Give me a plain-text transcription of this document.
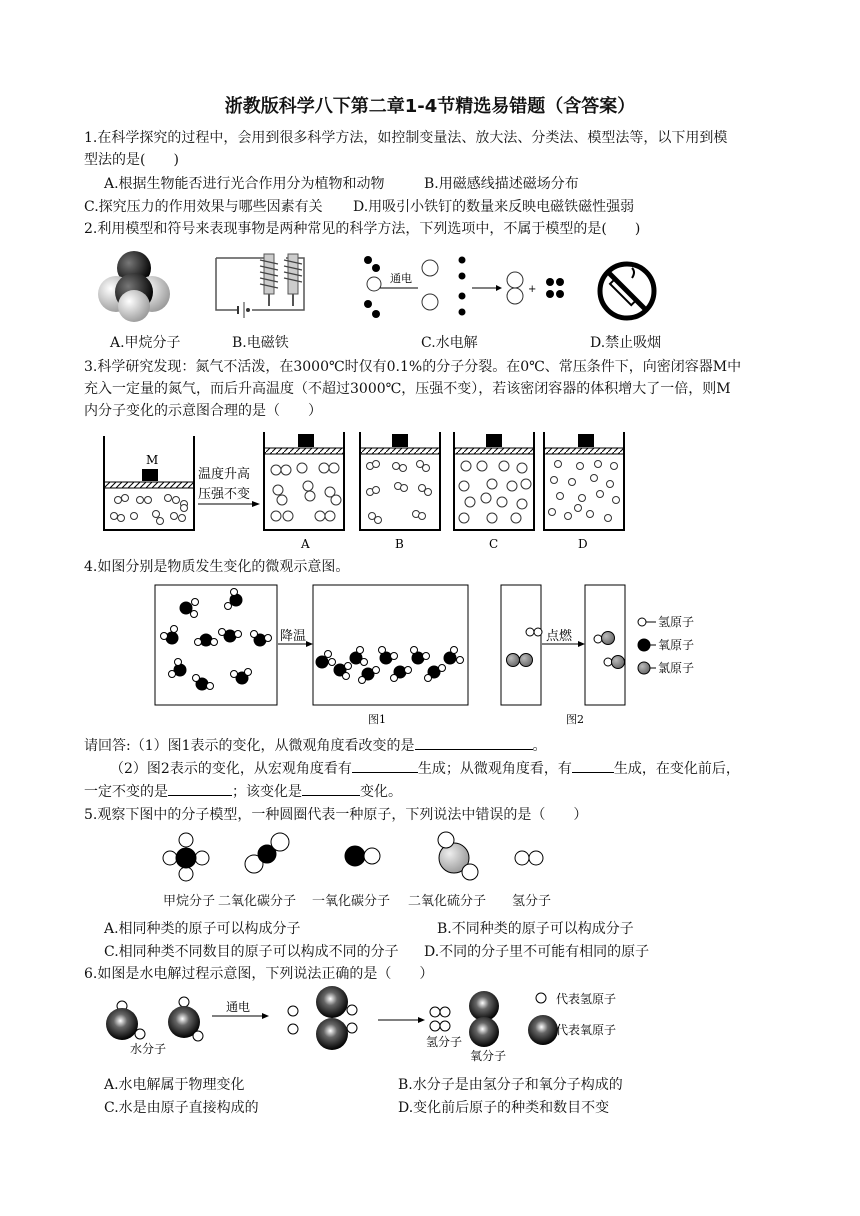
浙教版科学八下第二章1-4节精选易错题（含答案）
1.在科学探究的过程中，会用到很多科学方法，如控制变量法、放大法、分类法、模型法等，以下用到模
型法的是(　　)
A.根据生物能否进行光合作用分为植物和动物	B.用磁感线描述磁场分布
C.探究压力的作用效果与哪些因素有关 D.用吸引小铁钉的数量来反映电磁铁磁性强弱
2.利用模型和符号来表现事物是两种常见的科学方法，下列选项中，不属于模型的是(　　)
通电
+
A.甲烷分子	B.电磁铁	C.水电解	D.禁止吸烟
3.科学研究发现：氮气不活泼，在3000℃时仅有0.1%的分子分裂。在0℃、常压条件下，向密闭容器M中
充入一定量的氮气，而后升高温度（不超过3000℃，压强不变），若该密闭容器的体积增大了一倍，则M
内分子变化的示意图合理的是（　　）
M
温度升高
压强不变
A	B	C	D
4.如图分别是物质发生变化的微观示意图。
降温
图1
点燃
图2
氢原子
氧原子
氯原子
请回答:（1）图1表示的变化，从微观角度看改变的是	。
（2）图2表示的变化，从宏观角度看有	生成；从微观角度看，有	生成，在变化前后，
一定不变的是	；该变化是	变化。
5.观察下图中的分子模型，一种圆圈代表一种原子，下列说法中错误的是（　　）
甲烷分子 二氧化碳分子 一氧化碳分子 二氧化硫分子 氢分子
A.相同种类的原子可以构成分子	B.不同种类的原子可以构成分子
C.相同种类不同数目的原子可以构成不同的分子 D.不同的分子里不可能有相同的原子
6.如图是水电解过程示意图，下列说法正确的是（　　）
水分子
通电
氢分子
氧分子
代表氢原子
代表氧原子
A.水电解属于物理变化	B.水分子是由氢分子和氧分子构成的
C.水是由原子直接构成的	D.变化前后原子的种类和数目不变
